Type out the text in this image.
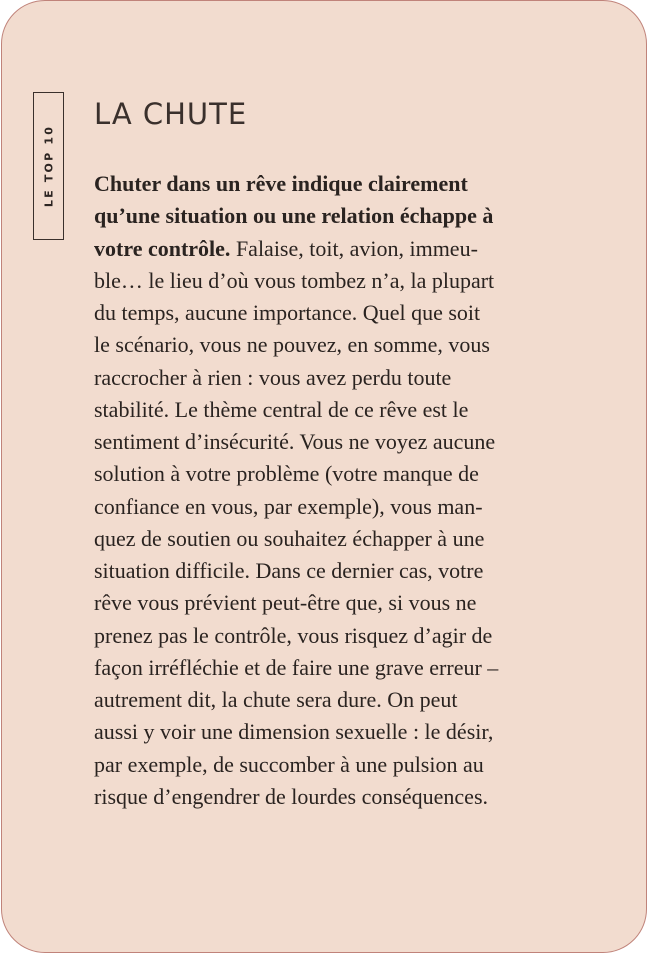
LE TOP 10
LA CHUTE
Chuter dans un rêve indique clairement
qu’une situation ou une relation échappe à
votre contrôle. Falaise, toit, avion, immeu-
ble… le lieu d’où vous tombez n’a, la plupart
du temps, aucune importance. Quel que soit
le scénario, vous ne pouvez, en somme, vous
raccrocher à rien : vous avez perdu toute
stabilité. Le thème central de ce rêve est le
sentiment d’insécurité. Vous ne voyez aucune
solution à votre problème (votre manque de
confiance en vous, par exemple), vous man-
quez de soutien ou souhaitez échapper à une
situation difficile. Dans ce dernier cas, votre
rêve vous prévient peut-être que, si vous ne
prenez pas le contrôle, vous risquez d’agir de
façon irréfléchie et de faire une grave erreur –
autrement dit, la chute sera dure. On peut
aussi y voir une dimension sexuelle : le désir,
par exemple, de succomber à une pulsion au
risque d’engendrer de lourdes conséquences.
